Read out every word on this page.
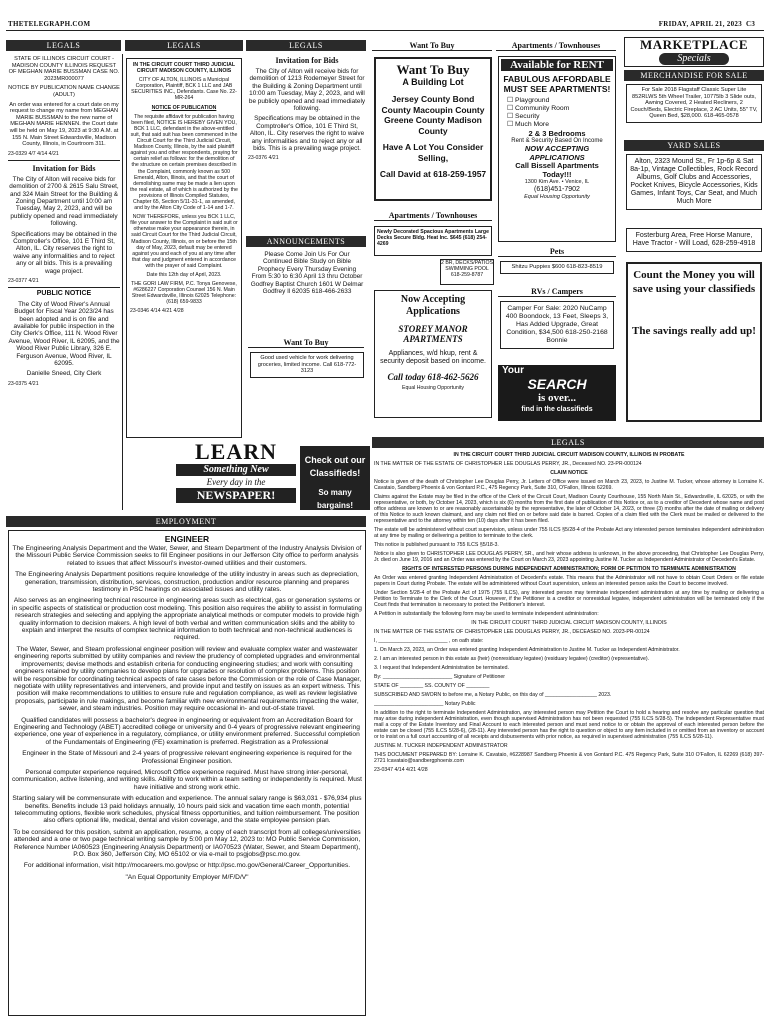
THETELEGRAPH.COM	FRIDAY, APRIL 21, 2023 C3
LEGALS	LEGALS	LEGALS	Want To Buy	Apartments / Townhouses	MARKETPLACE
Specials
MERCHANDISE FOR SALE

STATE OF ILLINOIS CIRCUIT COURT - MADISON COUNTY ILLINOIS REQUEST OF MEGHAN MARIE BUSSMAN CASE NO. 2023MR000077

NOTICE BY PUBLICATION NAME CHANGE (ADULT)

An order was entered for a court date on my request to change my name from MEGHAN MARIE BUSSMAN to the new name of MEGHAN MARIE HENNEN. the Court date will be held on May 19, 2023 at 9:30 A.M. at 155 N. Main Street Edwardsville, Madison County, Illinois, in Courtroom 311.

23-0329 4/7 4/14 4/21

Invitation for Bids

The City of Alton will receive bids for demolition of 2700 & 2615 Salu Street, and 324 Main Street for the Building & Zoning Department until 10:00 am Tuesday, May 2, 2023, and will be publicly opened and read immediately following.

Specifications may be obtained in the Comptroller's Office, 101 E Third St, Alton, IL. City reserves the right to waive any informalities and to reject any or all bids. This is a prevailing wage project.

23-0377 4/21

PUBLIC NOTICE

The City of Wood River's Annual Budget for Fiscal Year 2023/24 has been adopted and is on file and available for public inspection in the City Clerk's Office, 111 N. Wood River Avenue, Wood River, IL 62095, and the Wood River Public Library, 326 E. Ferguson Avenue, Wood River, IL 62095.

Danielle Sneed, City Clerk

23-0375 4/21

IN THE CIRCUIT COURT THIRD JUDICIAL CIRCUIT MADISON COUNTY, ILLINOIS

CITY OF ALTON, ILLINOIS a Municipal Corporation, Plaintiff, BCK 1 LLC and JAB SECURITIES INC., Defendants. Case No. 22-MR-264

NOTICE OF PUBLICATION

The requisite affidavit for publication having been filed, NOTICE IS HEREBY GIVEN YOU, BCK 1 LLC, defendant in the above-entitled suit, that said suit has been commenced in the Circuit Court for the Third Judicial Circuit, Madison County, Illinois, by the said plaintiff against you and other respondents, praying for certain relief as follows: for the demolition of the structure on certain premises described in the Complaint, commonly known as 500 Emerald, Alton, Illinois, and that the court of demolishing same may be made a lien upon the real estate, all of which is authorized by the provisions of Illinois Compiled Statutes, Chapter 65, Section 5/11-31-1, as amended, and by the Alton City Code of 1-14 and 1-7.

NOW THEREFORE, unless you BCK 1 LLC, file your answer to the Complaint in said suit or otherwise make your appearance therein, in said Circuit Court for the Third Judicial Circuit, Madison County, Illinois, on or before the 15th day of May, 2023, default may be entered against you and each of you at any time after that day and judgment entered in accordance with the prayer of said Complaint.

Date this 12th day of April, 2023.

THE GORI LAW FIRM, P.C. Tonya Genovese, #6286227 Corporation Counsel 156 N. Main Street Edwardsville, Illinois 62025 Telephone: (618) 659-9833

23-0346 4/14 4/21 4/28

LEARN
Something New
Every day in the
NEWSPAPER!

Invitation for Bids

The City of Alton will receive bids for demolition of 1213 Rodemeyer Street for the Building & Zoning Department until 10:00 am Tuesday, May 2, 2023, and will be publicly opened and read immediately following.

Specifications may be obtained in the Comptroller's Office, 101 E Third St, Alton, IL. City reserves the right to waive any informalities and to reject any or all bids. This is a prevailing wage project.

23-0376 4/21

ANNOUNCEMENTS
Please Come Join Us For Our Continued Bible Study on Bible Prophecy Every Thursday Evening From 5:30 to 6:30 April 13 thru October Godfrey Baptist Church 1601 W Delmar Godfrey Il 62035 618-466-2633
Want To Buy
Good used vehicle for work delivering groceries, limited income. Call 618-772-3123
Check out our
Classifieds!
So many bargains!
Want To Buy
A Building Lot
Jersey County Bond County Macoupin County Greene County Madison County
Have A Lot You Consider Selling,
Call David at 618-259-1957
Apartments / Townhouses
Newly Decorated Spacious Apartments Large Decks Secure Bldg. Heat Inc. $645 (618) 254-4269
2 BR, DECKS/PATIOS SWIMMING POOL 618-259-8787
Now Accepting Applications
STOREY MANOR APARTMENTS
Appliances, w/d hkup, rent & security deposit based on income.
Call today 618-462-5626
Equal Housing Opportunity
Your
SEARCH
is over...
find in the classifieds
Available for RENT
FABULOUS AFFORDABLE MUST SEE APARTMENTS!
☐ Playground
☐ Community Room
☐ Security
☐ Much More
2 & 3 Bedrooms
Rent & Security Based On Income
NOW ACCEPTING APPLICATIONS
Call Bissell Apartments Today!!!
1300 Kim Ave. • Venice, IL
(618)451-7902
Equal Housing Opportunity
Pets
Shitzu Puppies $600 618-823-8519
RVs / Campers
Camper For Sale: 2020 NuCamp 400 Boondock, 13 Feet, Sleeps 3, Has Added Upgrade, Great Condition, $34,500 618-250-2168 Bonnie
For Sale 2018 Flagstaff Classic Super Lite 852RLWS 5th Wheel Trailer, 10775lb 3 Slide outs, Awning Covered, 2 Heated Recliners, 2 Couch/Beds, Electric Fireplace, 2 AC Units, 55" TV, Queen Bed, $28,000. 618-465-0578
YARD SALES
Alton, 2323 Mound St., Fr 1p-6p & Sat 8a-1p, Vintage Collectibles, Rock Record Albums, Golf Clubs and Accessories, Pocket Knives, Bicycle Accessories, Kids Games, Infant Toys, Car Seat, and Much Much More
Fosterburg Area, Free Horse Manure, Have Tractor - Will Load, 628-259-4918
Count the Money you will save using your classifieds
The savings really add up!
EMPLOYMENT
ENGINEER

The Engineering Analysis Department and the Water, Sewer, and Steam Department of the Industry Analysis Division of the Missouri Public Service Commission seeks to fill Engineer positions in our Jefferson City office to perform analysis related to issues that affect Missouri's investor-owned utilities and their customers.

The Engineering Analysis Department positions require knowledge of the utility industry in areas such as depreciation, generation, transmission, distribution, services, construction, production and/or resource planning and prepares testimony in PSC hearings on associated issues and utility rates.

Also serves as an engineering technical resource in engineering areas such as electrical, gas or generation systems or in specific aspects of statistical or production cost modeling. This position also requires the ability to assist in formulating research strategies and selecting and applying the appropriate analytical methods or computer models to provide high quality information to decision makers. A high level of both verbal and written communication skills and the ability to explain and interpret the results of complex technical information to both technical and non-technical audiences is required.

The Water, Sewer, and Steam professional engineer position will review and evaluate complex water and wastewater engineering reports submitted by utility companies and review the prudency of completed upgrades and environmental improvements; devise methods and establish criteria for conducting engineering studies; and work with consulting engineers retained by utility companies to develop plans for upgrades or resolution of complex problems. This position will be responsible for coordinating technical aspects of rate cases before the Commission or the role of Case Manager, negotiate with utility representatives and interveners, and provide input and testify on issues as an expert witness. This position will make recommendations to utilities to ensure rule and regulation compliance, as well as review legislative proposals, participate in rule makings, and become familiar with new environmental requirements impacting the water, sewer, and steam industries. Position may require occasional in- and out-of-state travel.

Qualified candidates will possess a bachelor's degree in engineering or equivalent from an Accreditation Board for Engineering and Technology (ABET) accredited college or university and 0-4 years of progressive relevant engineering experience, one year of experience in a regulatory, compliance, or utility environment preferred. Successful completion of the Fundamentals of Engineering (FE) examination is preferred. Registration as a Professional

Engineer in the State of Missouri and 2-4 years of progressive relevant engineering experience is required for the Professional Engineer position.

Personal computer experience required, Microsoft Office experience required. Must have strong inter-personal, communication, active listening, and writing skills. Ability to work within a team setting or independently is required. Must have initiative and strong work ethic.

Starting salary will be commensurate with education and experience. The annual salary range is $63,031 - $76,934 plus benefits. Benefits include 13 paid holidays annually, 10 hours paid sick and vacation time each month, potential telecommuting options, flexible work schedules, physical fitness opportunities, and tuition reimbursement. The position also offers optional life, medical, dental and vision coverage, and the state employee pension plan.

To be considered for this position, submit an application, resume, a copy of each transcript from all colleges/universities attended and a one or two page technical writing sample by 5:00 pm May 12, 2023 to: MO Public Service Commission, Reference Number IA060523 (Engineering Analysis Department) or IA070523 (Water, Sewer, and Steam Department), P.O. Box 360, Jefferson City, MO 65102 or via e-mail to psgjobs@psc.mo.gov.

For additional information, visit http://mocareers.mo.gov/psc or http://psc.mo.gov/General/Career_Opportunities.

"An Equal Opportunity Employer M/F/D/V"

LEGALS

IN THE CIRCUIT COURT THIRD JUDICIAL CIRCUIT MADISON COUNTY, ILLINOIS IN PROBATE

IN THE MATTER OF THE ESTATE OF CHRISTOPHER LEE DOUGLAS PERRY, JR., Deceased NO. 23-PR-000124

CLAIM NOTICE

Notice is given of the death of Christopher Lee Douglas Perry, Jr. Letters of Office were issued on March 23, 2023, to Justine M. Tucker, whose attorney is Lorraine K. Cavataio, Sandberg Phoenix & von Gontard P.C., 475 Regency Park, Suite 310, O'Fallon, Illinois 62269.

Claims against the Estate may be filed in the office of the Clerk of the Circuit Court, Madison County Courthouse, 155 North Main St., Edwardsville, IL 62025, or with the representative, or both, by October 14, 2023, which is six (6) months from the first date of publication of this Notice or, as to a creditor of Decedent whose name and post office address are known to or are reasonably ascertainable by the representative, the later of October 14, 2023, or three (3) months after the date of mailing or delivery of this Notice to such known claimant, and any claim not filed on or before said date is barred. Copies of a claim filed with the Clerk must be mailed or delivered to the representative and to the attorney within ten (10) days after it has been filed.

The estate will be administered without court supervision, unless under 755 ILCS §5/28-4 of the Probate Act any interested person terminates independent administration at any time by mailing or delivering a petition to terminate to the clerk.

This notice is published pursuant to 755 ILCS §5/18-3.

Notice is also given to CHRISTOPHER LEE DOUGLAS PERRY, SR., and heir whose address is unknown, in the above proceeding, that Christopher Lee Douglas Perry, Jr. died on June 19, 2016 and an Order was entered by the Court on March 23, 2023 appointing Justine M. Tucker as Independent Administrator of Decedent's Estate.

RIGHTS OF INTERESTED PERSONS DURING INDEPENDENT ADMINISTRATION; FORM OF PETITION TO TERMINATE ADMINISTRATION

An Order was entered granting Independent Administration of Decedent's estate. This means that the Administrator will not have to obtain Court Orders or file estate papers in Court during Probate. The estate will be administered without Court supervision, unless an interested person asks the Court to become involved.

Under Section 5/28-4 of the Probate Act of 1975 (755 ILCS), any interested person may terminate independent administration at any time by mailing or delivering a Petition to Terminate to the Clerk of the Court. However, if the Petitioner is a creditor or nonresidual legatee, independent administration will be terminated only if the Court finds that termination is necessary to protect the Petitioner's interest.

A Petition in substantially the following form may be used to terminate independent administration:

IN THE CIRCUIT COURT THIRD JUDICIAL CIRCUIT MADISON COUNTY, ILLINOIS

IN THE MATTER OF THE ESTATE OF CHRISTOPHER LEE DOUGLAS PERRY, JR., DECEASED NO. 2023-PR-00124

I, ________________________ , on oath state:

1. On March 23, 2023, an Order was entered granting Independent Administration to Justine M. Tucker as Independent Administrator.

2. I am an interested person in this estate as (heir) (nonresiduary legatee) (residuary legatee) (creditor) (representative).

3. I request that Independent Administration be terminated.

By: ________________________ Signature of Petitioner

STATE OF ________ SS. COUNTY OF ________

SUBSCRIBED AND SWORN to before me, a Notary Public, on this day of __________________ 2023.

________________________ Notary Public

In addition to the right to terminate Independent Administration, any interested person may Petition the Court to hold a hearing and resolve any particular question that may arise during independent Administration, even though supervised Administration has not been requested (755 ILCS 5/28-5). The Independent Representative must mail a copy of the Estate Inventory and Final Account to each interested person and must send notice to or obtain the approval of each interested person before the estate can be closed (755 ILCS 5/28-6), (28-11). Any interested person has the right to question or object to any item included in or omitted from an inventory or account or to insist on a full court accounting of all receipts and disbursements with prior notice, as required in supervised administration (755 ILCS 5/28-11).

JUSTINE M. TUCKER INDEPENDENT ADMINISTRATOR

THIS DOCUMENT PREPARED BY: Lorraine K. Cavataio, #6228987 Sandberg Phoenix & von Gontard P.C. 475 Regency Park, Suite 310 O'Fallon, IL 62269 (618) 397-2721 lcavataio@sandbergphoenix.com

23-0347 4/14 4/21 4/28
